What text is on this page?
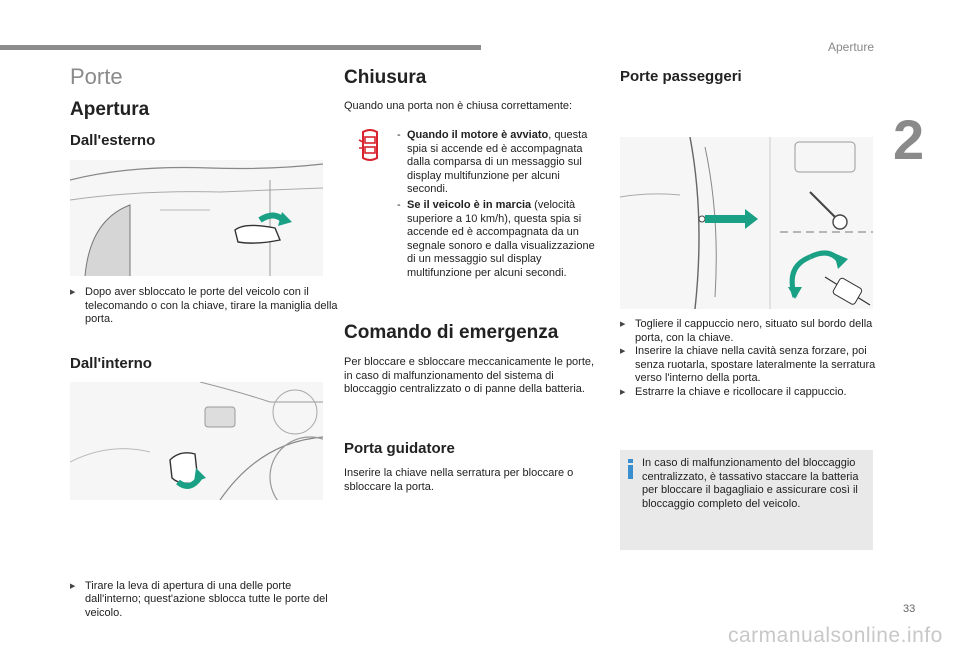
Aperture
2
33
carmanualsonline.info
Porte
Apertura
Dall'esterno
▶ Dopo aver sbloccato le porte del veicolo con il telecomando o con la chiave, tirare la maniglia della porta.
Dall'interno
▶ Tirare la leva di apertura di una delle porte dall'interno; quest'azione sblocca tutte le porte del veicolo.
Chiusura
Quando una porta non è chiusa correttamente:
- Quando il motore è avviato, questa spia si accende ed è accompagnata dalla comparsa di un messaggio sul display multifunzione per alcuni secondi.
- Se il veicolo è in marcia (velocità superiore a 10 km/h), questa spia si accende ed è accompagnata da un segnale sonoro e dalla visualizzazione di un messaggio sul display multifunzione per alcuni secondi.
Comando di emergenza
Per bloccare e sbloccare meccanicamente le porte, in caso di malfunzionamento del sistema di bloccaggio centralizzato o di panne della batteria.
Porta guidatore
Inserire la chiave nella serratura per bloccare o sbloccare la porta.
Porte passeggeri
▶
▶ Togliere il cappuccio nero, situato sul bordo della porta, con la chiave.
▶ Inserire la chiave nella cavità senza forzare, poi senza ruotarla, spostare lateralmente la serratura verso l'interno della porta.
▶ Estrarre la chiave e ricollocare il cappuccio.
In caso di malfunzionamento del bloccaggio centralizzato, è tassativo staccare la batteria per bloccare il bagagliaio e assicurare così il bloccaggio completo del veicolo.
